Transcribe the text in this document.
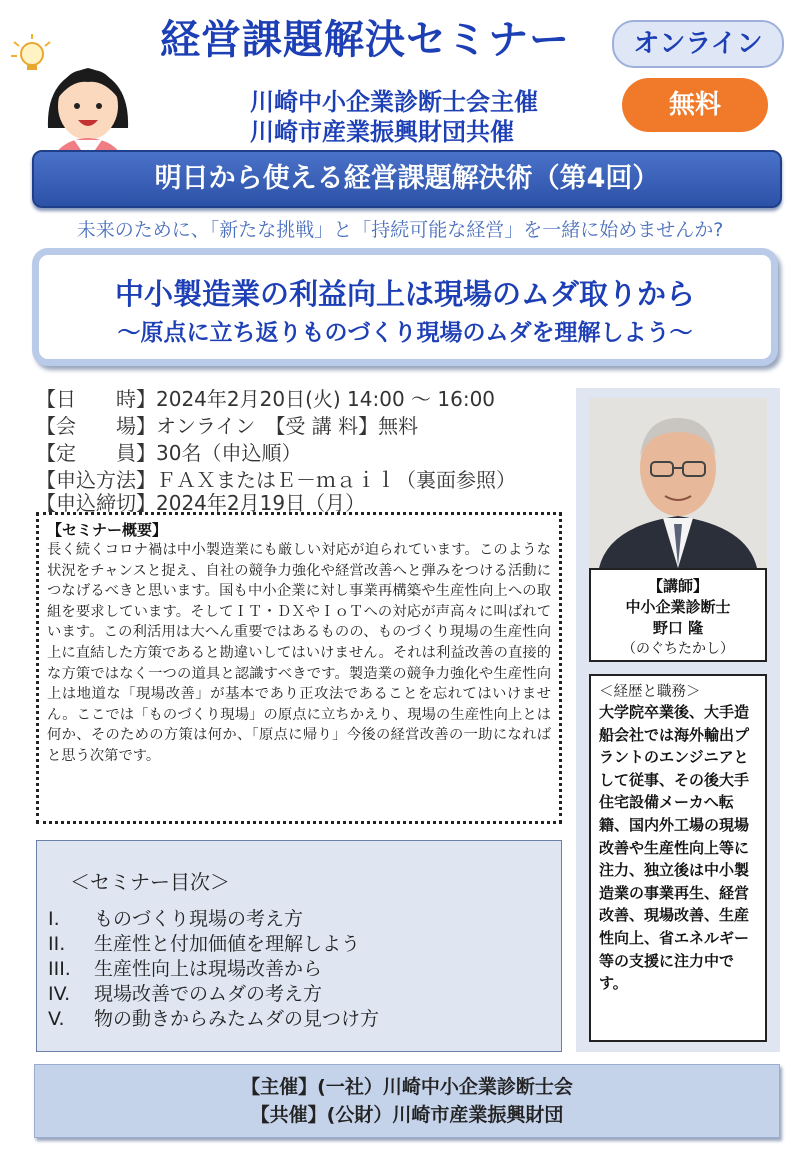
経営課題解決セミナー	オンライン
川崎中小企業診断士会主催
川崎市産業振興財団共催
無料
明日から使える経営課題解決術（第4回）
未来のために、「新たな挑戦」と「持続可能な経営」を一緒に始めませんか?
中小製造業の利益向上は現場のムダ取りから
～原点に立ち返りものづくり現場のムダを理解しよう～
【日　　時】2024年2月20日(火) 14:00 ～ 16:00
【会　　場】オンライン　【受 講 料】無料
【定　　員】30名（申込順）
【申込方法】ＦＡＸまたはＥ－ｍａｉｌ（裏面参照）
【申込締切】2024年2月19日（月）
【セミナー概要】
長く続くコロナ禍は中小製造業にも厳しい対応が迫られています。このような状況をチャンスと捉え、自社の競争力強化や経営改善へと弾みをつける活動につなげるべきと思います。国も中小企業に対し事業再構築や生産性向上への取組を要求しています。そしてＩＴ・ＤＸやＩｏＴへの対応が声高々に叫ばれています。この利活用は大へん重要ではあるものの、ものづくり現場の生産性向上に直結した方策であると勘違いしてはいけません。それは利益改善の直接的な方策ではなく一つの道具と認識すべきです。製造業の競争力強化や生産性向上は地道な「現場改善」が基本であり正攻法であることを忘れてはいけません。ここでは「ものづくり現場」の原点に立ちかえり、現場の生産性向上とは何か、そのための方策は何か、「原点に帰り」今後の経営改善の一助になればと思う次第です。
＜セミナー目次＞
I. ものづくり現場の考え方
II. 生産性と付加価値を理解しよう
III. 生産性向上は現場改善から
IV. 現場改善でのムダの考え方
V. 物の動きからみたムダの見つけ方
【講師】
中小企業診断士
野口 隆
（のぐちたかし）
＜経歴と職務＞
大学院卒業後、大手造船会社では海外輸出プラントのエンジニアとして従事、その後大手住宅設備メーカへ転籍、国内外工場の現場改善や生産性向上等に注力、独立後は中小製造業の事業再生、経営改善、現場改善、生産性向上、省エネルギー等の支援に注力中です。
【主催】(一社）川崎中小企業診断士会
【共催】(公財）川崎市産業振興財団
